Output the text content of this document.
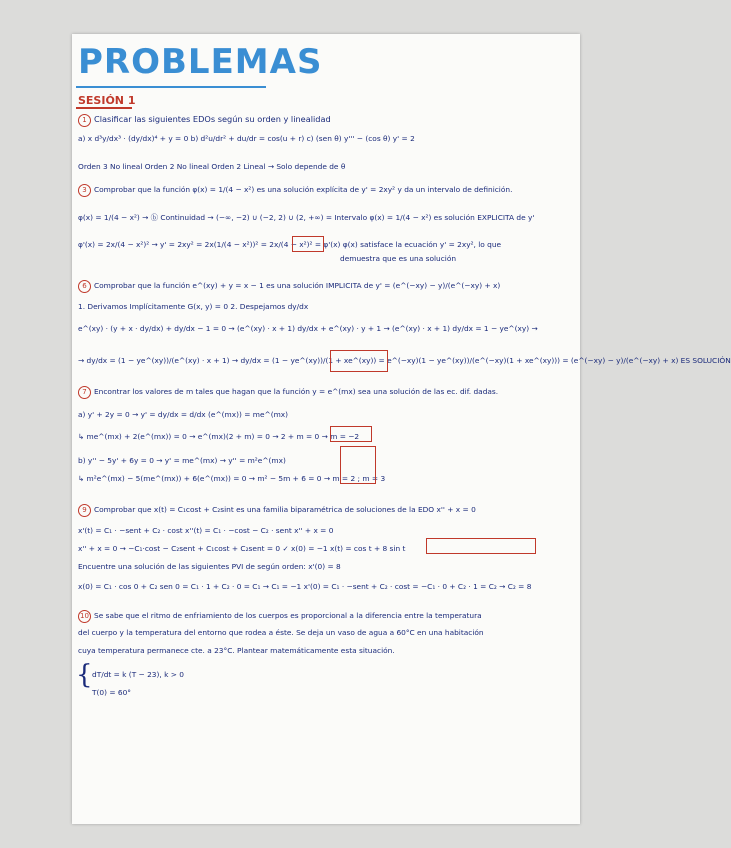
PROBLEMAS
SESIÓN 1
1 Clasificar las siguientes EDOs según su orden y linealidad
a) x d³y/dx³ · (dy/dx)⁴ + y = 0 b) d²u/dr² + du/dr = cos(u + r) c) (sen θ) y''' − (cos θ) y' = 2
Orden 3 No lineal Orden 2 No lineal Orden 2 Lineal → Solo depende de θ
3 Comprobar que la función φ(x) = 1/(4 − x²) es una solución explícita de y' = 2xy² y da un intervalo de definición.
φ(x) = 1/(4 − x²) → ⓑ Continuidad → (−∞, −2) ∪ (−2, 2) ∪ (2, +∞) = Intervalo φ(x) = 1/(4 − x²) es solución EXPLICITA de y'
φ'(x) = 2x/(4 − x²)² → y' = 2xy² = 2x(1/(4 − x²))² = 2x/(4 − x²)² = φ'(x) φ(x) satisface la ecuación y' = 2xy², lo que
demuestra que es una solución
6 Comprobar que la función e^(xy) + y = x − 1 es una solución IMPLICITA de y' = (e^(−xy) − y)/(e^(−xy) + x)
1. Derivamos Implícitamente G(x, y) = 0 2. Despejamos dy/dx
e^(xy) · (y + x · dy/dx) + dy/dx − 1 = 0 → (e^(xy) · x + 1) dy/dx + e^(xy) · y + 1 → (e^(xy) · x + 1) dy/dx = 1 − ye^(xy) →
→ dy/dx = (1 − ye^(xy))/(e^(xy) · x + 1) → dy/dx = (1 − ye^(xy))/(1 + xe^(xy)) = e^(−xy)(1 − ye^(xy))/(e^(−xy)(1 + xe^(xy))) = (e^(−xy) − y)/(e^(−xy) + x) ES SOLUCIÓN
7 Encontrar los valores de m tales que hagan que la función y = e^(mx) sea una solución de las ec. dif. dadas.
a) y' + 2y = 0 → y' = dy/dx = d/dx (e^(mx)) = me^(mx)
↳ me^(mx) + 2(e^(mx)) = 0 → e^(mx)(2 + m) = 0 → 2 + m = 0 → m = −2
b) y'' − 5y' + 6y = 0 → y' = me^(mx) → y'' = m²e^(mx)
↳ m²e^(mx) − 5(me^(mx)) + 6(e^(mx)) = 0 → m² − 5m + 6 = 0 → m = 2 ; m = 3
9 Comprobar que x(t) = C₁cost + C₂sint es una familia biparamétrica de soluciones de la EDO x'' + x = 0
x'(t) = C₁ · −sent + C₂ · cost x''(t) = C₁ · −cost − C₂ · sent x'' + x = 0
x'' + x = 0 → −C₁·cost − C₂sent + C₁cost + C₂sent = 0 ✓ x(0) = −1 x(t) = cos t + 8 sin t
Encuentre una solución de las siguientes PVI de según orden: x'(0) = 8
x(0) = C₁ · cos 0 + C₂ sen 0 = C₁ · 1 + C₂ · 0 = C₁ → C₁ = −1 x'(0) = C₁ · −sent + C₂ · cost = −C₁ · 0 + C₂ · 1 = C₂ → C₂ = 8
10 Se sabe que el ritmo de enfriamiento de los cuerpos es proporcional a la diferencia entre la temperatura
del cuerpo y la temperatura del entorno que rodea a éste. Se deja un vaso de agua a 60°C en una habitación
cuya temperatura permanece cte. a 23°C. Plantear matemáticamente esta situación.
{ dT/dt = k (T − 23), k > 0
T(0) = 60°
